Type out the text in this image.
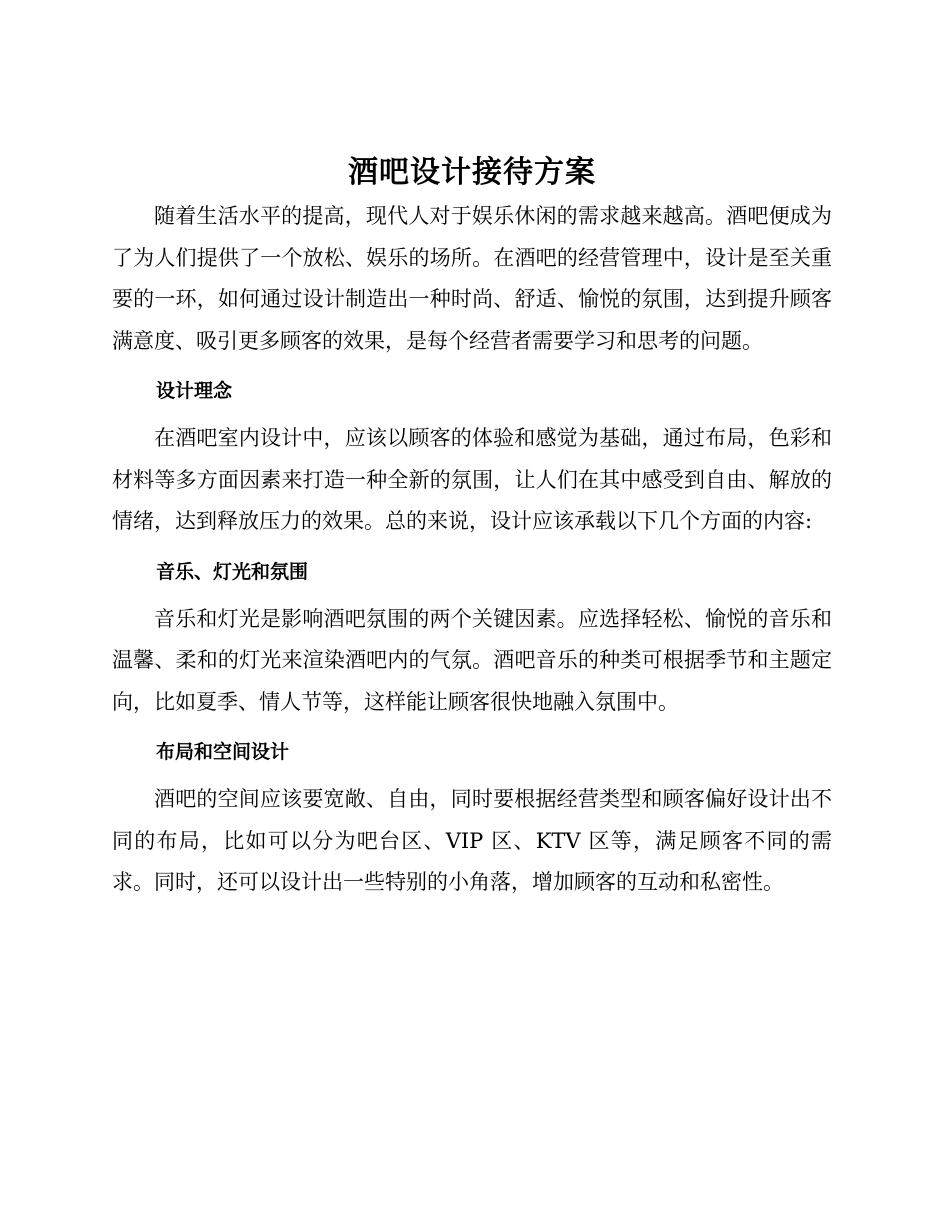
酒吧设计接待方案

随着生活水平的提高，现代人对于娱乐休闲的需求越来越高。酒吧便成为了为人们提供了一个放松、娱乐的场所。在酒吧的经营管理中，设计是至关重要的一环，如何通过设计制造出一种时尚、舒适、愉悦的氛围，达到提升顾客满意度、吸引更多顾客的效果，是每个经营者需要学习和思考的问题。

设计理念

在酒吧室内设计中，应该以顾客的体验和感觉为基础，通过布局，色彩和材料等多方面因素来打造一种全新的氛围，让人们在其中感受到自由、解放的情绪，达到释放压力的效果。总的来说，设计应该承载以下几个方面的内容:

音乐、灯光和氛围

音乐和灯光是影响酒吧氛围的两个关键因素。应选择轻松、愉悦的音乐和温馨、柔和的灯光来渲染酒吧内的气氛。酒吧音乐的种类可根据季节和主题定向，比如夏季、情人节等，这样能让顾客很快地融入氛围中。

布局和空间设计

酒吧的空间应该要宽敞、自由，同时要根据经营类型和顾客偏好设计出不同的布局，比如可以分为吧台区、VIP 区、KTV 区等，满足顾客不同的需求。同时，还可以设计出一些特别的小角落，增加顾客的互动和私密性。
